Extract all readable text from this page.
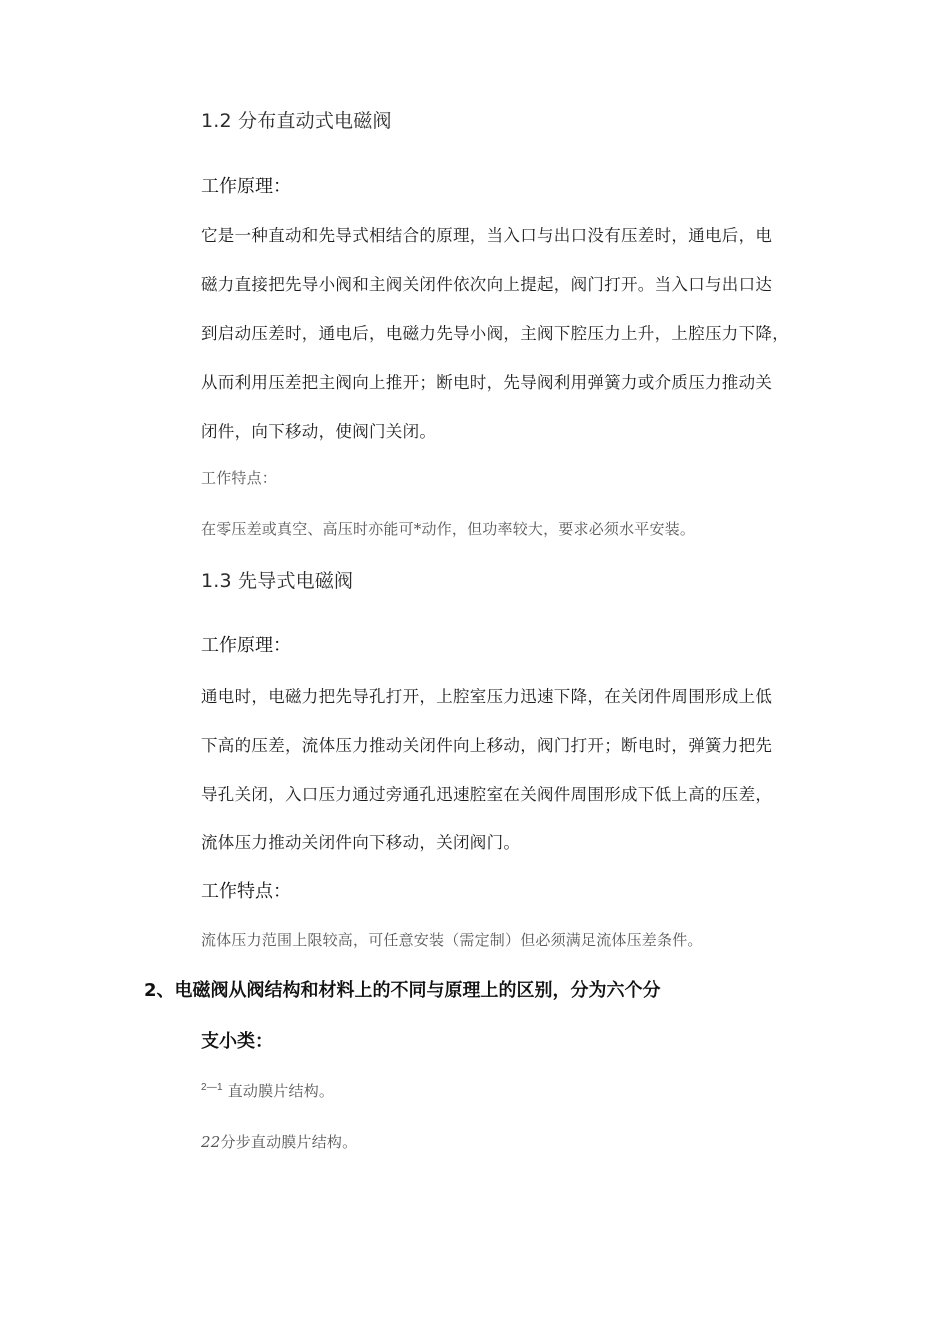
1.2 分布直动式电磁阀
工作原理：
它是一种直动和先导式相结合的原理，当入口与出口没有压差时，通电后，电
磁力直接把先导小阀和主阀关闭件依次向上提起，阀门打开。当入口与出口达
到启动压差时，通电后，电磁力先导小阀，主阀下腔压力上升，上腔压力下降，
从而利用压差把主阀向上推开；断电时，先导阀利用弹簧力或介质压力推动关
闭件，向下移动，使阀门关闭。
工作特点：
在零压差或真空、高压时亦能可*动作，但功率较大，要求必须水平安装。
1.3 先导式电磁阀
工作原理：
通电时，电磁力把先导孔打开，上腔室压力迅速下降，在关闭件周围形成上低
下高的压差，流体压力推动关闭件向上移动，阀门打开；断电时，弹簧力把先
导孔关闭，入口压力通过旁通孔迅速腔室在关阀件周围形成下低上高的压差，
流体压力推动关闭件向下移动，关闭阀门。
工作特点：
流体压力范围上限较高，可任意安装（需定制）但必须满足流体压差条件。
2、电磁阀从阀结构和材料上的不同与原理上的区别，分为六个分
支小类：
$^{2—1}$ 直动膜片结构。
22分步直动膜片结构。
